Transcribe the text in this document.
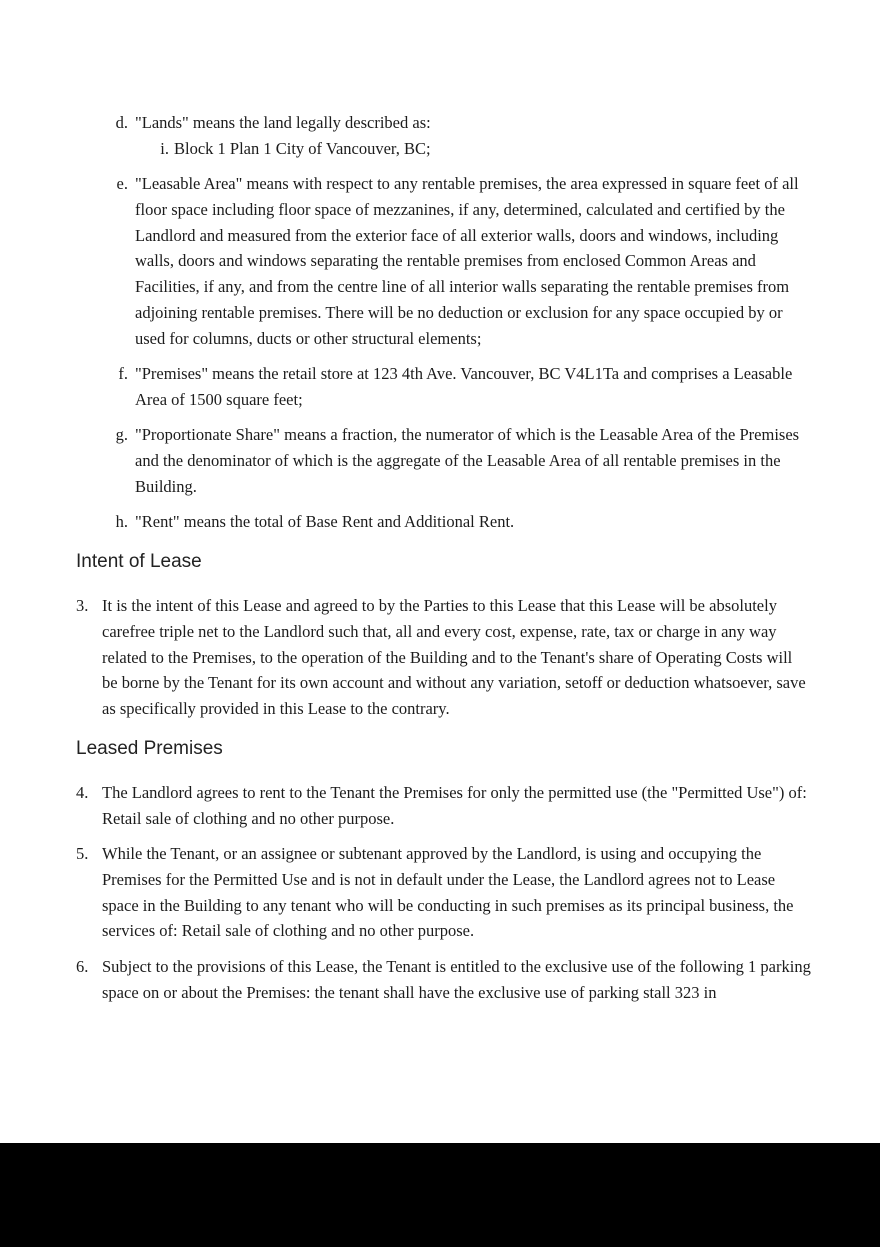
d. "Lands" means the land legally described as:
i. Block 1 Plan 1 City of Vancouver, BC;
e. "Leasable Area" means with respect to any rentable premises, the area expressed in square feet of all floor space including floor space of mezzanines, if any, determined, calculated and certified by the Landlord and measured from the exterior face of all exterior walls, doors and windows, including walls, doors and windows separating the rentable premises from enclosed Common Areas and Facilities, if any, and from the centre line of all interior walls separating the rentable premises from adjoining rentable premises. There will be no deduction or exclusion for any space occupied by or used for columns, ducts or other structural elements;
f. "Premises" means the retail store at 123 4th Ave. Vancouver, BC V4L1Ta and comprises a Leasable Area of 1500 square feet;
g. "Proportionate Share" means a fraction, the numerator of which is the Leasable Area of the Premises and the denominator of which is the aggregate of the Leasable Area of all rentable premises in the Building.
h. "Rent" means the total of Base Rent and Additional Rent.
Intent of Lease
3. It is the intent of this Lease and agreed to by the Parties to this Lease that this Lease will be absolutely carefree triple net to the Landlord such that, all and every cost, expense, rate, tax or charge in any way related to the Premises, to the operation of the Building and to the Tenant's share of Operating Costs will be borne by the Tenant for its own account and without any variation, setoff or deduction whatsoever, save as specifically provided in this Lease to the contrary.
Leased Premises
4. The Landlord agrees to rent to the Tenant the Premises for only the permitted use (the "Permitted Use") of: Retail sale of clothing and no other purpose.
5. While the Tenant, or an assignee or subtenant approved by the Landlord, is using and occupying the Premises for the Permitted Use and is not in default under the Lease, the Landlord agrees not to Lease space in the Building to any tenant who will be conducting in such premises as its principal business, the services of: Retail sale of clothing and no other purpose.
6. Subject to the provisions of this Lease, the Tenant is entitled to the exclusive use of the following 1 parking space on or about the Premises: the tenant shall have the exclusive use of parking stall 323 in
